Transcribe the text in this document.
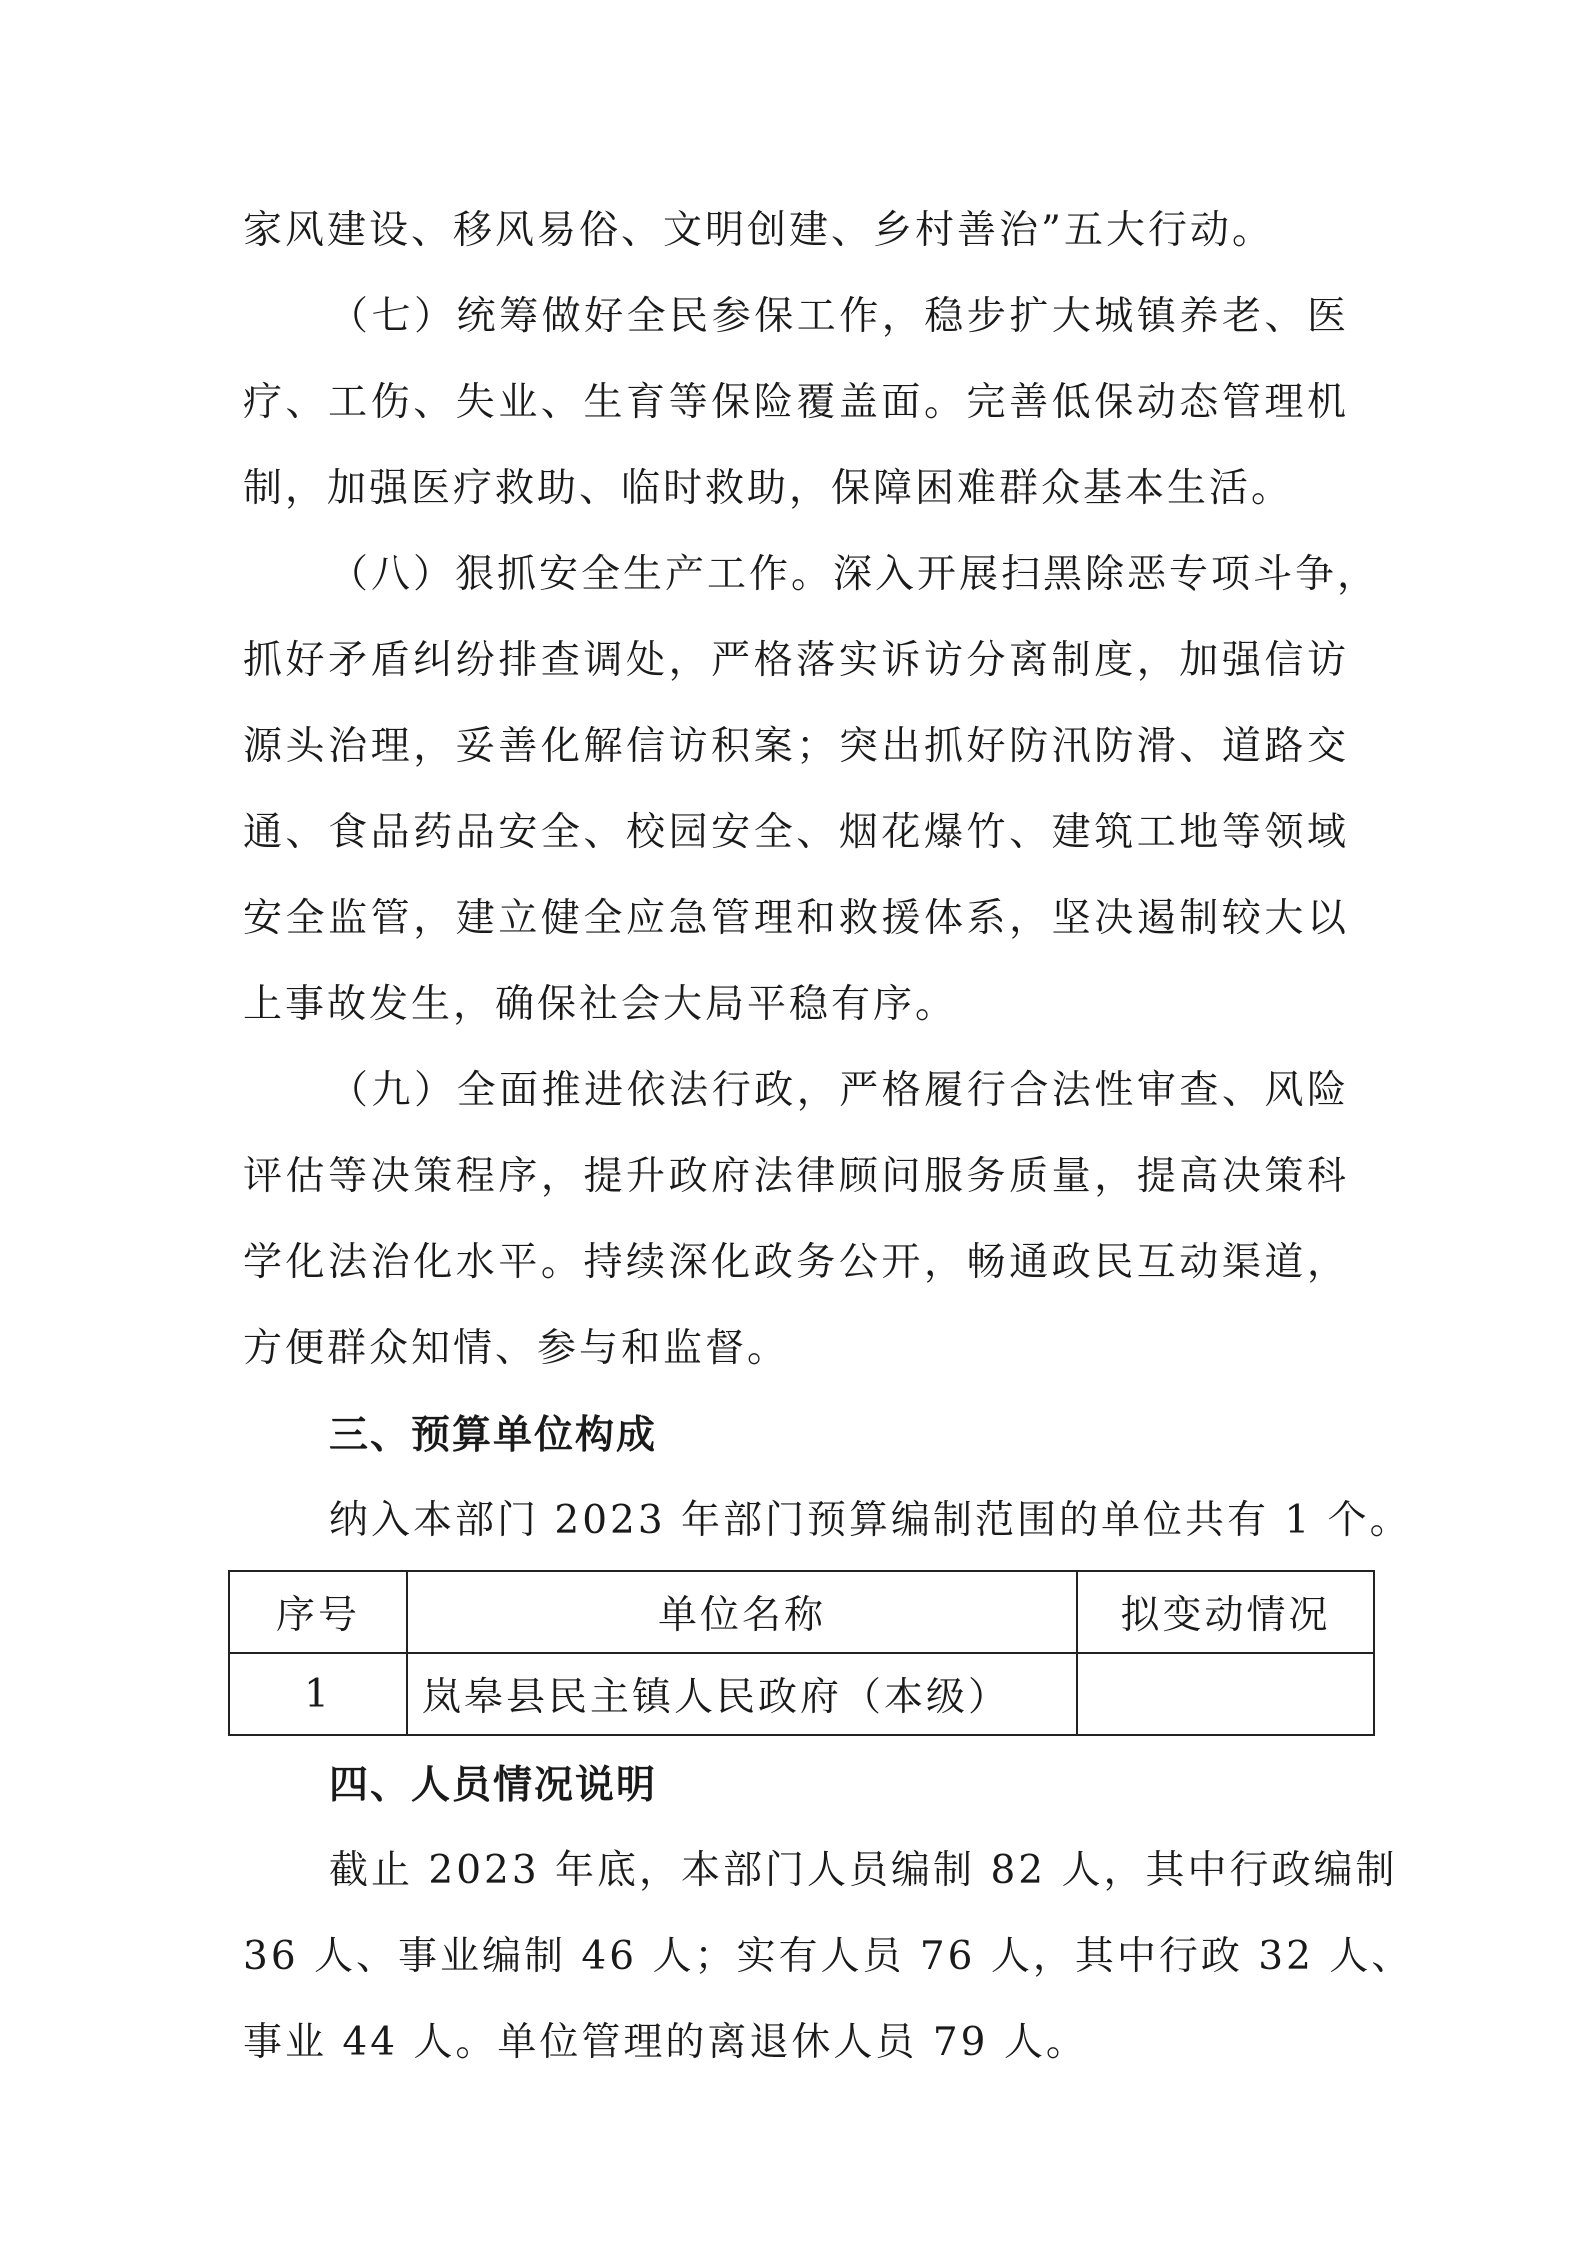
家风建设、移风易俗、文明创建、乡村善治”五大行动。
（七）统筹做好全民参保工作，稳步扩大城镇养老、医
疗、工伤、失业、生育等保险覆盖面。完善低保动态管理机
制，加强医疗救助、临时救助，保障困难群众基本生活。
（八）狠抓安全生产工作。深入开展扫黑除恶专项斗争，
抓好矛盾纠纷排查调处，严格落实诉访分离制度，加强信访
源头治理，妥善化解信访积案；突出抓好防汛防滑、道路交
通、食品药品安全、校园安全、烟花爆竹、建筑工地等领域
安全监管，建立健全应急管理和救援体系，坚决遏制较大以
上事故发生，确保社会大局平稳有序。
（九）全面推进依法行政，严格履行合法性审查、风险
评估等决策程序，提升政府法律顾问服务质量，提高决策科
学化法治化水平。持续深化政务公开，畅通政民互动渠道，
方便群众知情、参与和监督。
三、预算单位构成
纳入本部门 2023 年部门预算编制范围的单位共有 1 个。
序号	单位名称	拟变动情况
1	岚皋县民主镇人民政府（本级）	
四、人员情况说明
截止 2023 年底，本部门人员编制 82 人，其中行政编制
36 人、事业编制 46 人；实有人员 76 人，其中行政 32 人、
事业 44 人。单位管理的离退休人员 79 人。
